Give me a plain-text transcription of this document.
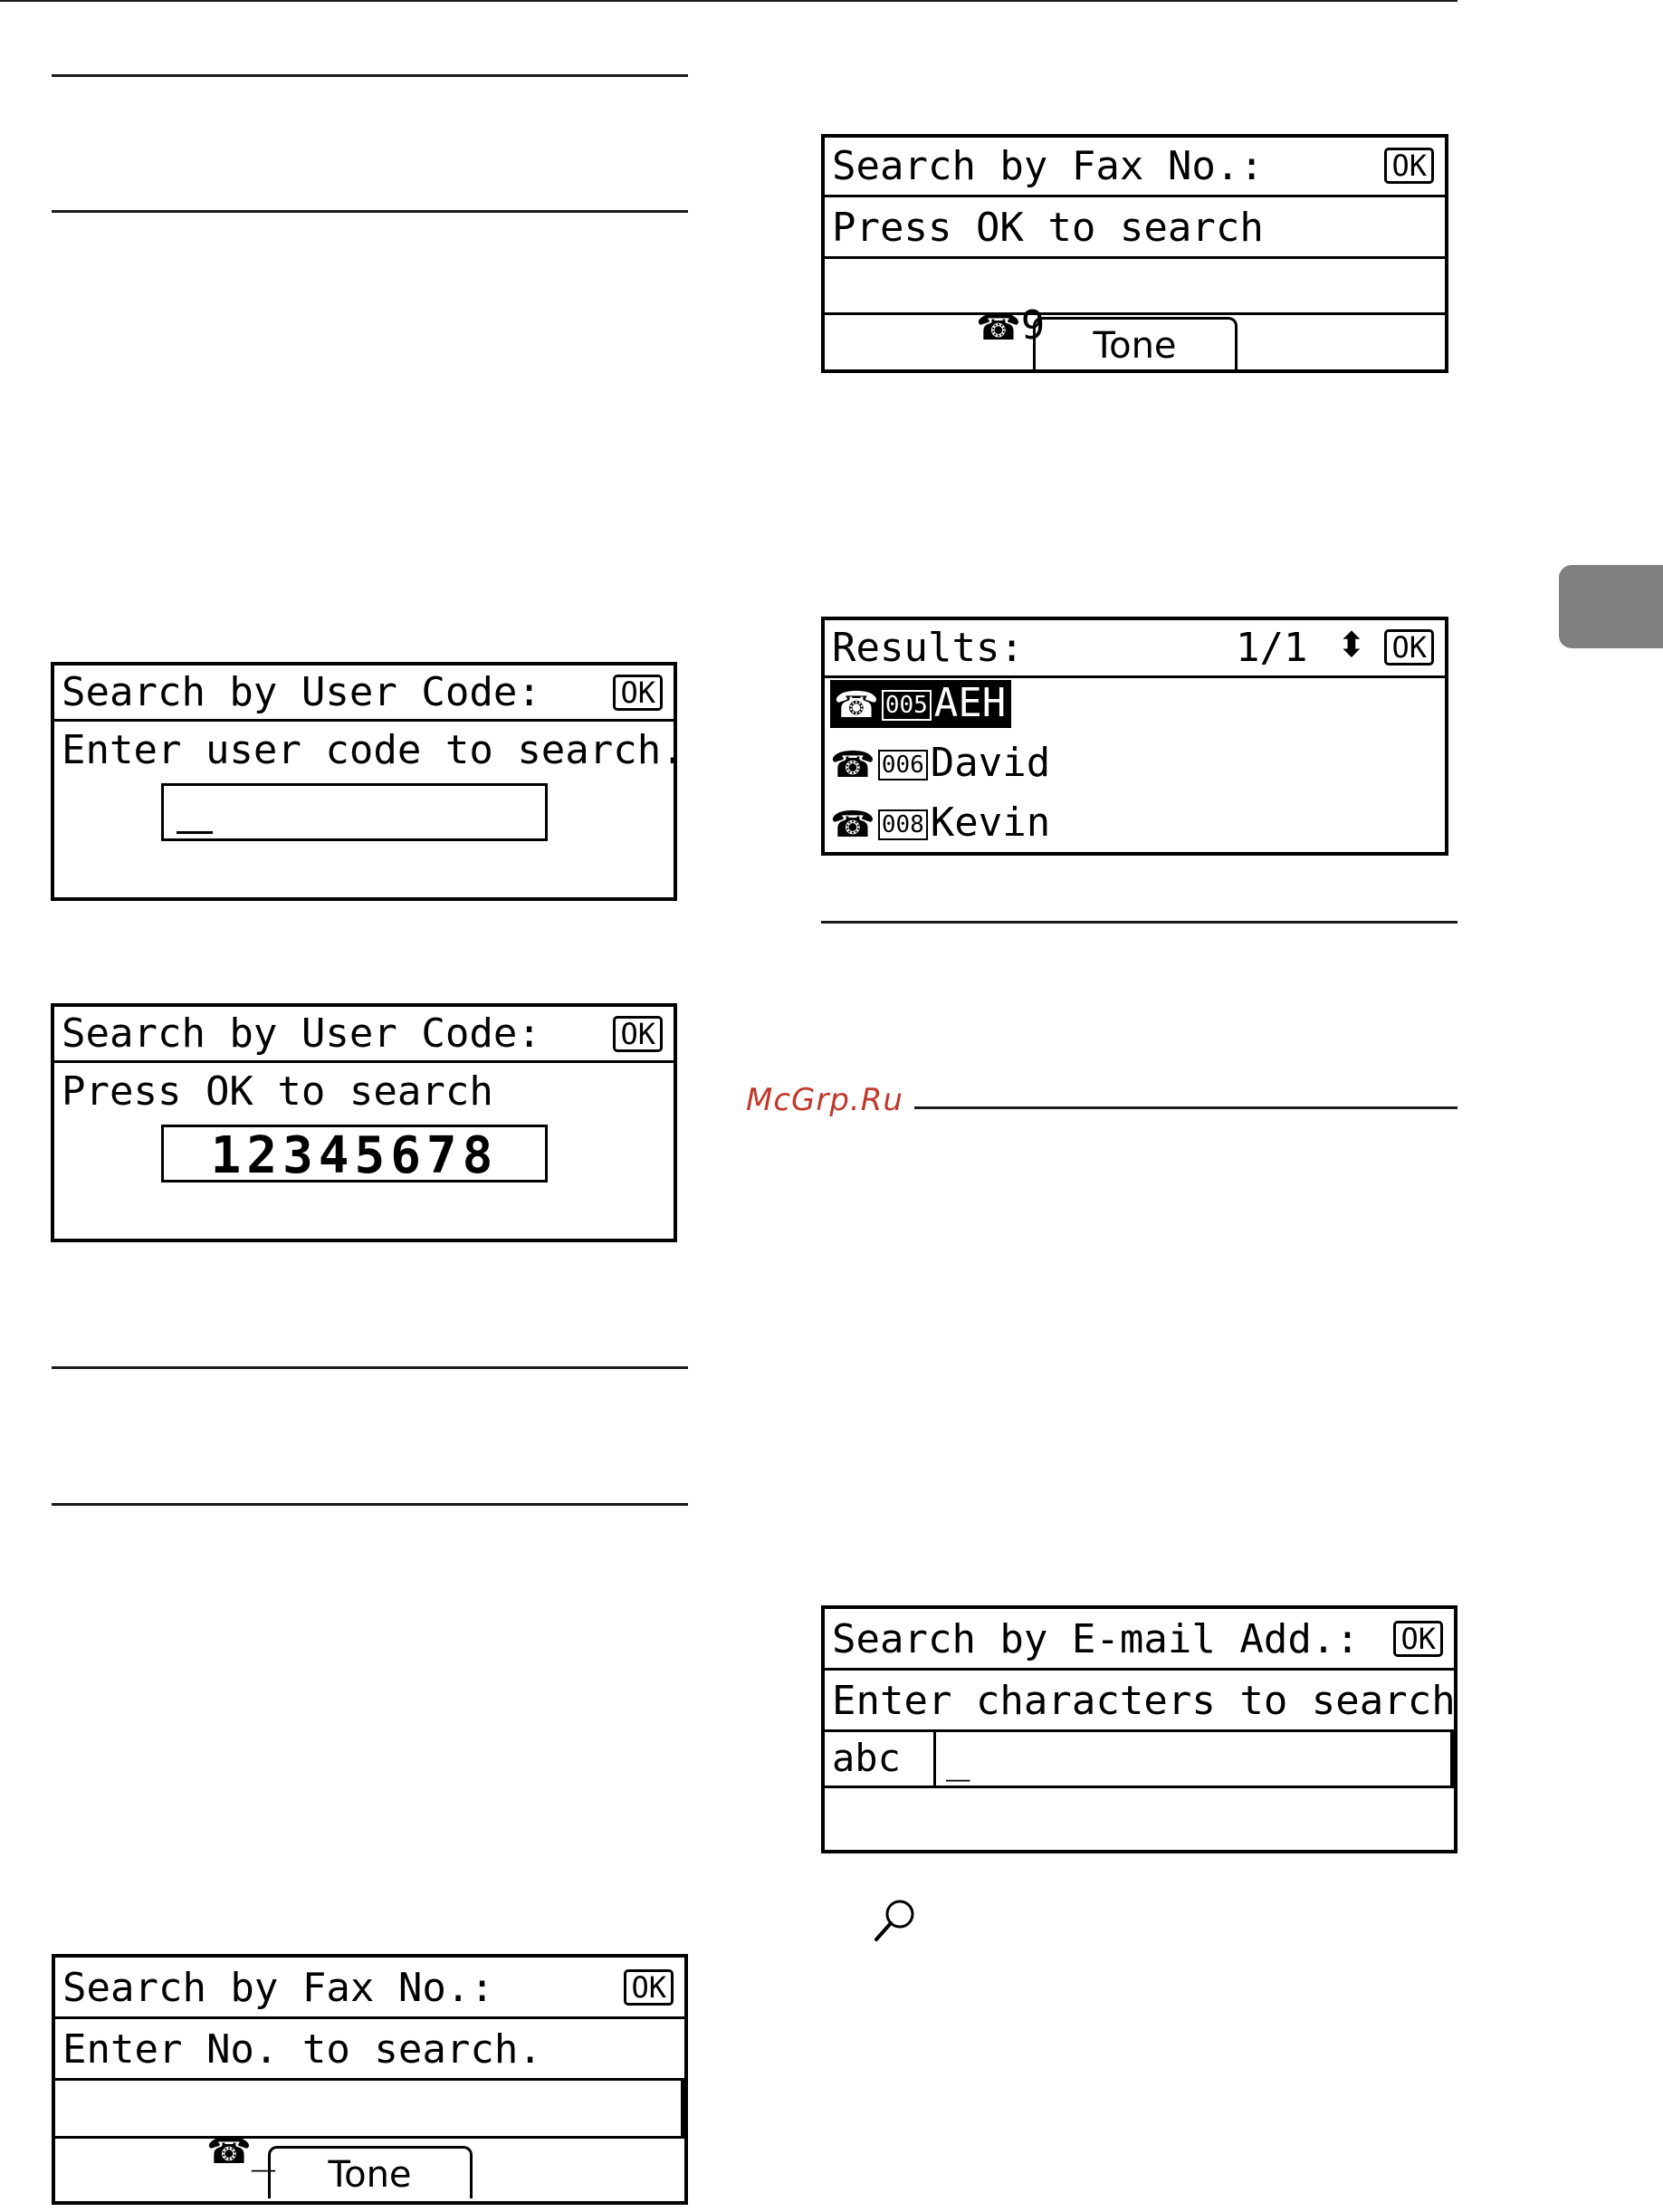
McGrp.Ru
Search by User Code:	OK
Enter user code to search.
Search by User Code:	OK
Press OK to search
12345678
Search by Fax No.:	OK
Enter No. to search.

☎_

Tone
Search by Fax No.:	OK
Press OK to search

☎9
	Tone
Results:	1/1 ⬍ OK
☎ 005 AEH
☎ 006 David
☎ 008 Kevin
Search by E-mail Add.: OK
Enter characters to search
abc _
